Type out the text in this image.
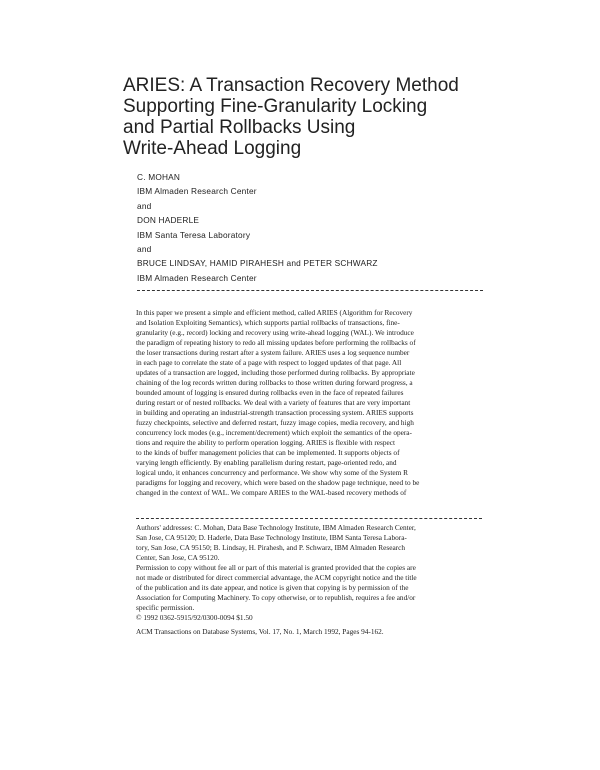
ARIES: A Transaction Recovery Method
Supporting Fine-Granularity Locking
and Partial Rollbacks Using
Write-Ahead Logging
C. MOHAN
IBM Almaden Research Center
and
DON HADERLE
IBM Santa Teresa Laboratory
and
BRUCE LINDSAY, HAMID PIRAHESH and PETER SCHWARZ
IBM Almaden Research Center
In this paper we present a simple and efficient method, called ARIES (Algorithm for Recovery
and Isolation Exploiting Semantics), which supports partial rollbacks of transactions, fine-
granularity (e.g., record) locking and recovery using write-ahead logging (WAL). We introduce
the paradigm of repeating history to redo all missing updates before performing the rollbacks of
the loser transactions during restart after a system failure. ARIES uses a log sequence number
in each page to correlate the state of a page with respect to logged updates of that page. All
updates of a transaction are logged, including those performed during rollbacks. By appropriate
chaining of the log records written during rollbacks to those written during forward progress, a
bounded amount of logging is ensured during rollbacks even in the face of repeated failures
during restart or of nested rollbacks. We deal with a variety of features that are very important
in building and operating an industrial-strength transaction processing system. ARIES supports
fuzzy checkpoints, selective and deferred restart, fuzzy image copies, media recovery, and high
concurrency lock modes (e.g., increment/decrement) which exploit the semantics of the opera-
tions and require the ability to perform operation logging. ARIES is flexible with respect
to the kinds of buffer management policies that can be implemented. It supports objects of
varying length efficiently. By enabling parallelism during restart, page-oriented redo, and
logical undo, it enhances concurrency and performance. We show why some of the System R
paradigms for logging and recovery, which were based on the shadow page technique, need to be
changed in the context of WAL. We compare ARIES to the WAL-based recovery methods of
Authors' addresses: C. Mohan, Data Base Technology Institute, IBM Almaden Research Center,
San Jose, CA 95120; D. Haderle, Data Base Technology Institute, IBM Santa Teresa Labora-
tory, San Jose, CA 95150; B. Lindsay, H. Pirahesh, and P. Schwarz, IBM Almaden Research
Center, San Jose, CA 95120.
Permission to copy without fee all or part of this material is granted provided that the copies are
not made or distributed for direct commercial advantage, the ACM copyright notice and the title
of the publication and its date appear, and notice is given that copying is by permission of the
Association for Computing Machinery. To copy otherwise, or to republish, requires a fee and/or
specific permission.
© 1992 0362-5915/92/0300-0094 $1.50
ACM Transactions on Database Systems, Vol. 17, No. 1, March 1992, Pages 94-162.
